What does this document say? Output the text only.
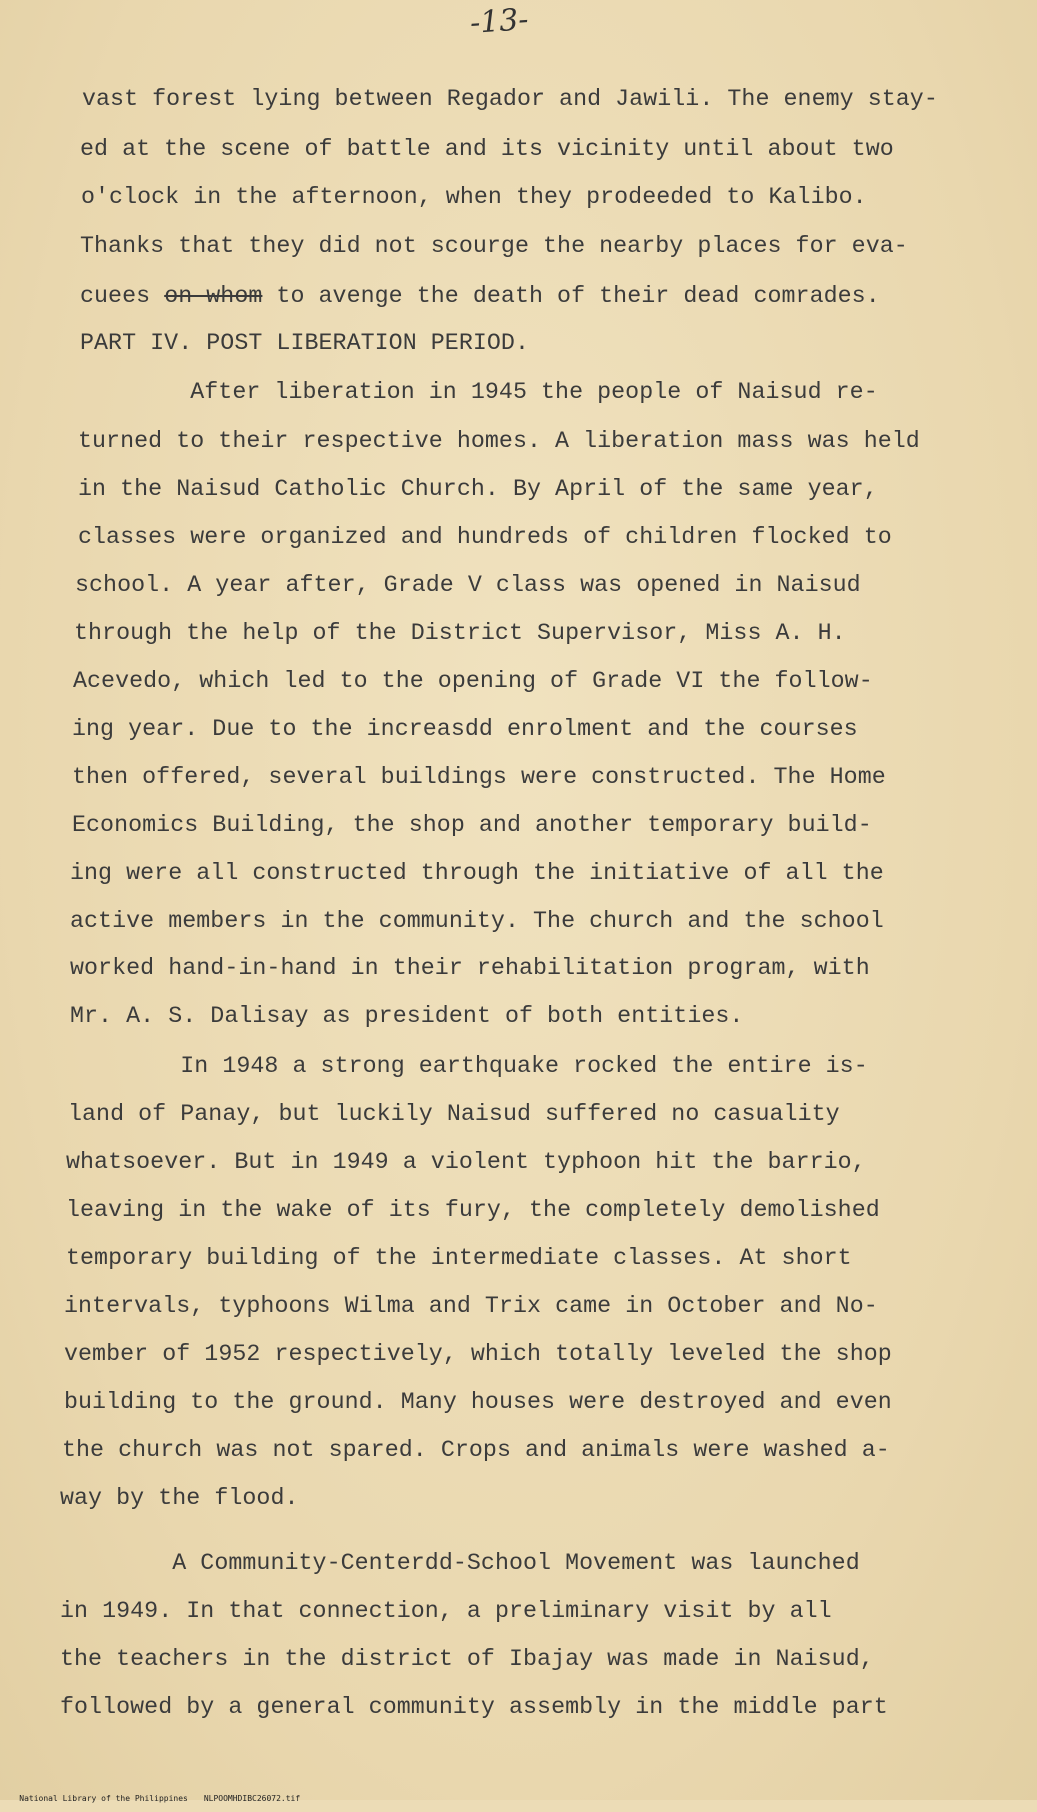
-13-
vast forest lying between Regador and Jawili. The enemy stay-
ed at the scene of battle and its vicinity until about two
o'clock in the afternoon, when they prodeeded to Kalibo.
Thanks that they did not scourge the nearby places for eva-
cuees on whom to avenge the death of their dead comrades.
PART IV. POST LIBERATION PERIOD.
After liberation in 1945 the people of Naisud re-
turned to their respective homes. A liberation mass was held
in the Naisud Catholic Church. By April of the same year,
classes were organized and hundreds of children flocked to
school. A year after, Grade V class was opened in Naisud
through the help of the District Supervisor, Miss A. H.
Acevedo, which led to the opening of Grade VI the follow-
ing year. Due to the increasdd enrolment and the courses
then offered, several buildings were constructed. The Home
Economics Building, the shop and another temporary build-
ing were all constructed through the initiative of all the
active members in the community. The church and the school
worked hand-in-hand in their rehabilitation program, with
Mr. A. S. Dalisay as president of both entities.
In 1948 a strong earthquake rocked the entire is-
land of Panay, but luckily Naisud suffered no casuality
whatsoever. But in 1949 a violent typhoon hit the barrio,
leaving in the wake of its fury, the completely demolished
temporary building of the intermediate classes. At short
intervals, typhoons Wilma and Trix came in October and No-
vember of 1952 respectively, which totally leveled the shop
building to the ground. Many houses were destroyed and even
the church was not spared. Crops and animals were washed a-
way by the flood.
A Community-Centerdd-School Movement was launched
in 1949. In that connection, a preliminary visit by all
the teachers in the district of Ibajay was made in Naisud,
followed by a general community assembly in the middle part

National Library of the Philippines NLPOOMHDIBC26072.tif
